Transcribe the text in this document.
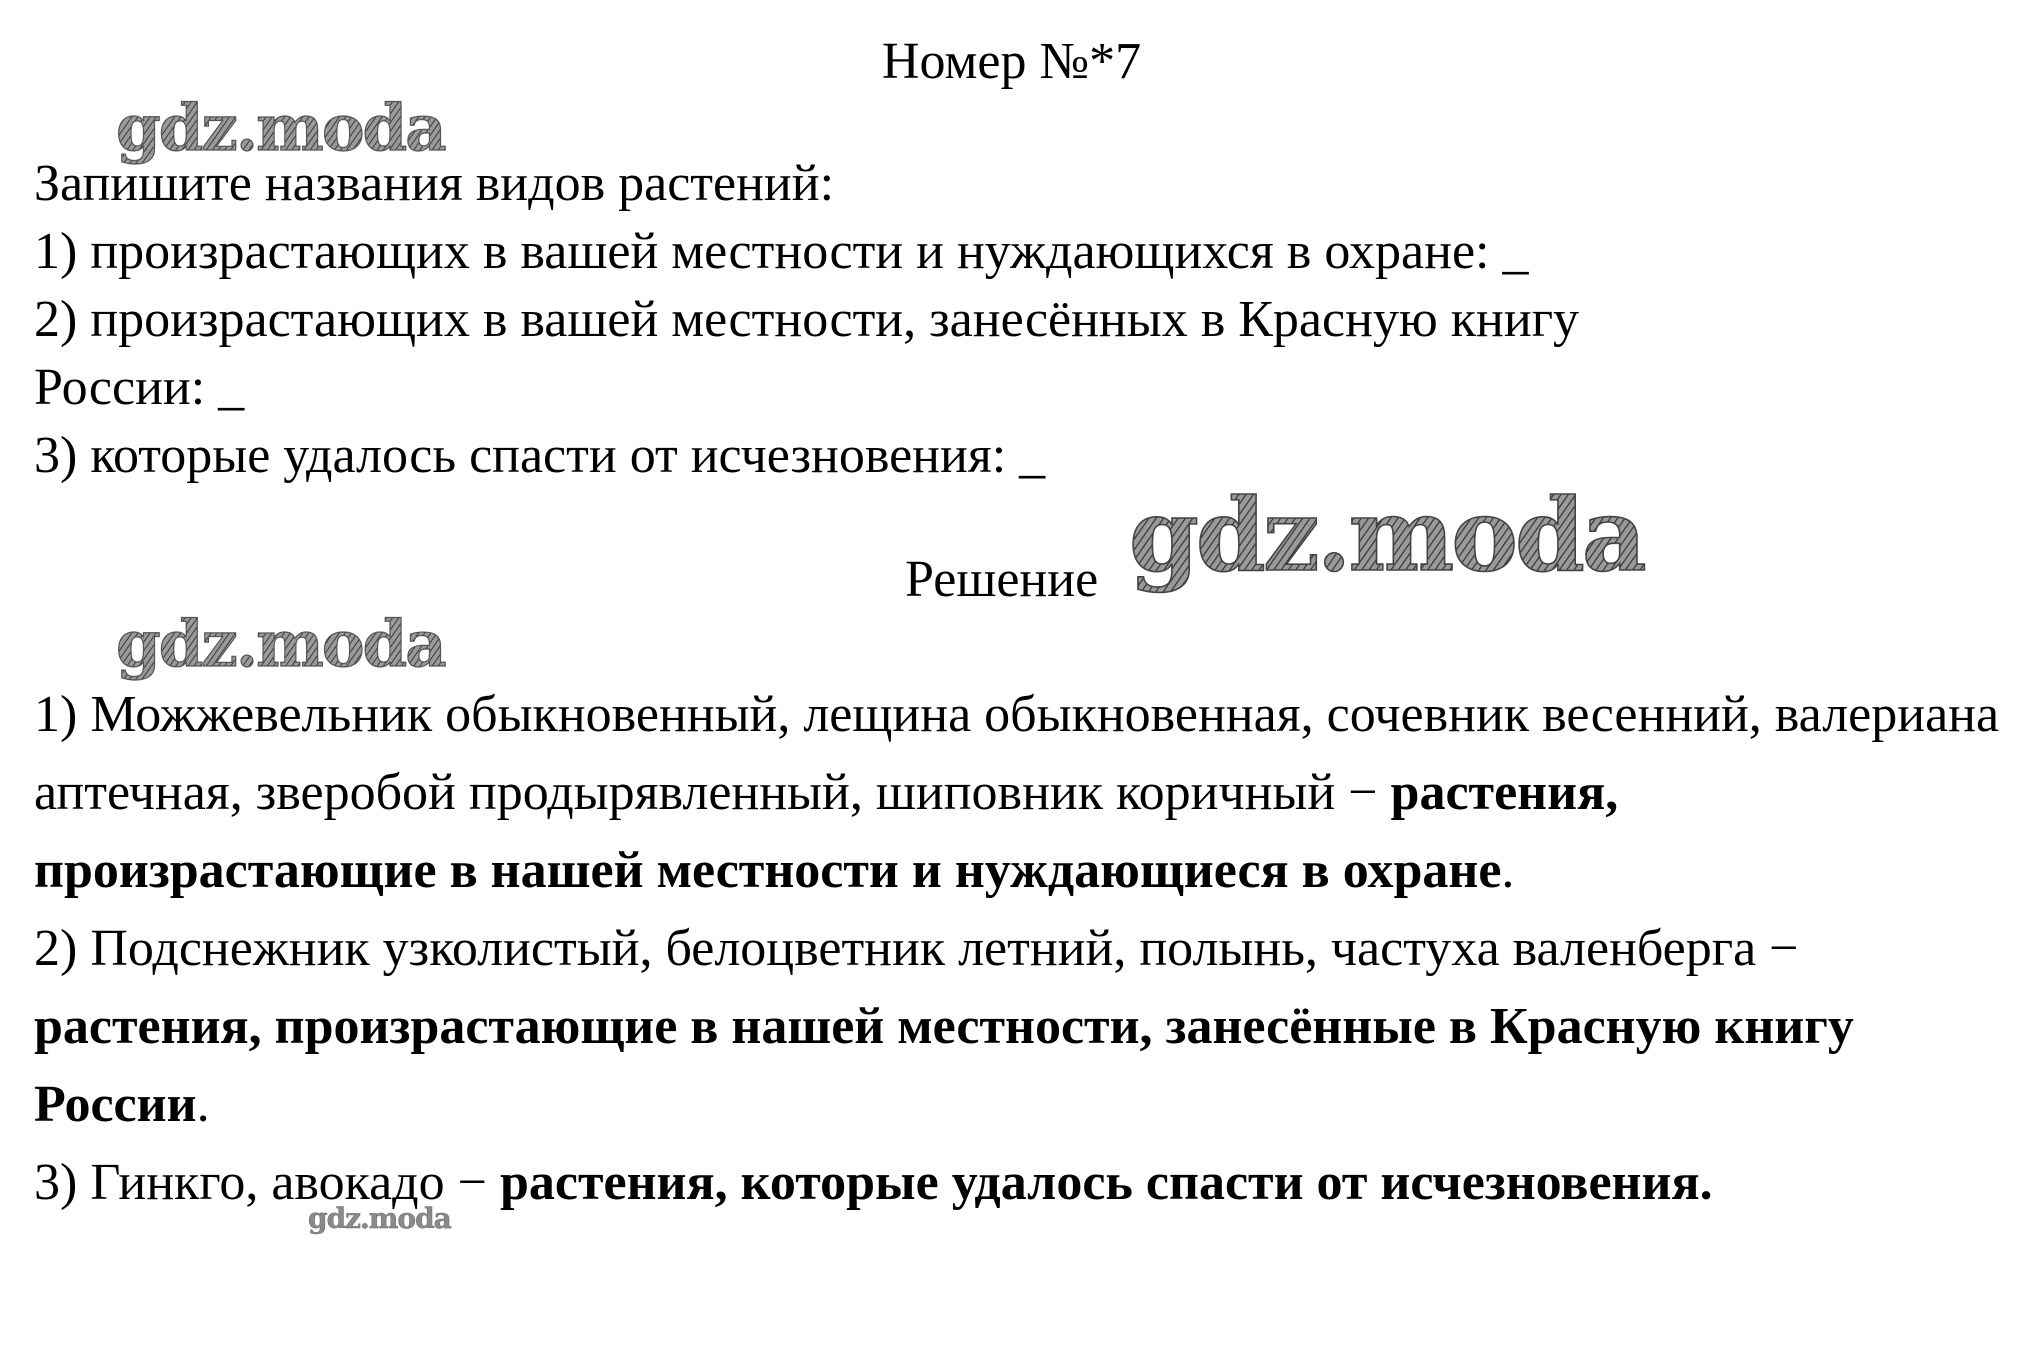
Номер №*7
Запишите названия видов растений:
1) произрастающих в вашей местности и нуждающихся в охране: _
2) произрастающих в вашей местности, занесённых в Красную книгу
России: _
3) которые удалось спасти от исчезновения: _
Решение
1) Можжевельник обыкновенный, лещина обыкновенная, сочевник весенний, валериана аптечная, зверобой продырявленный, шиповник коричный − растения, произрастающие в нашей местности и нуждающиеся в охране.
2) Подснежник узколистый, белоцветник летний, полынь, частуха валенберга − растения, произрастающие в нашей местности, занесённые в Красную книгу России.
3) Гинкго, авокадо − растения, которые удалось спасти от исчезновения.
gdz.moda
gdz.moda
gdz.moda
gdz.moda
